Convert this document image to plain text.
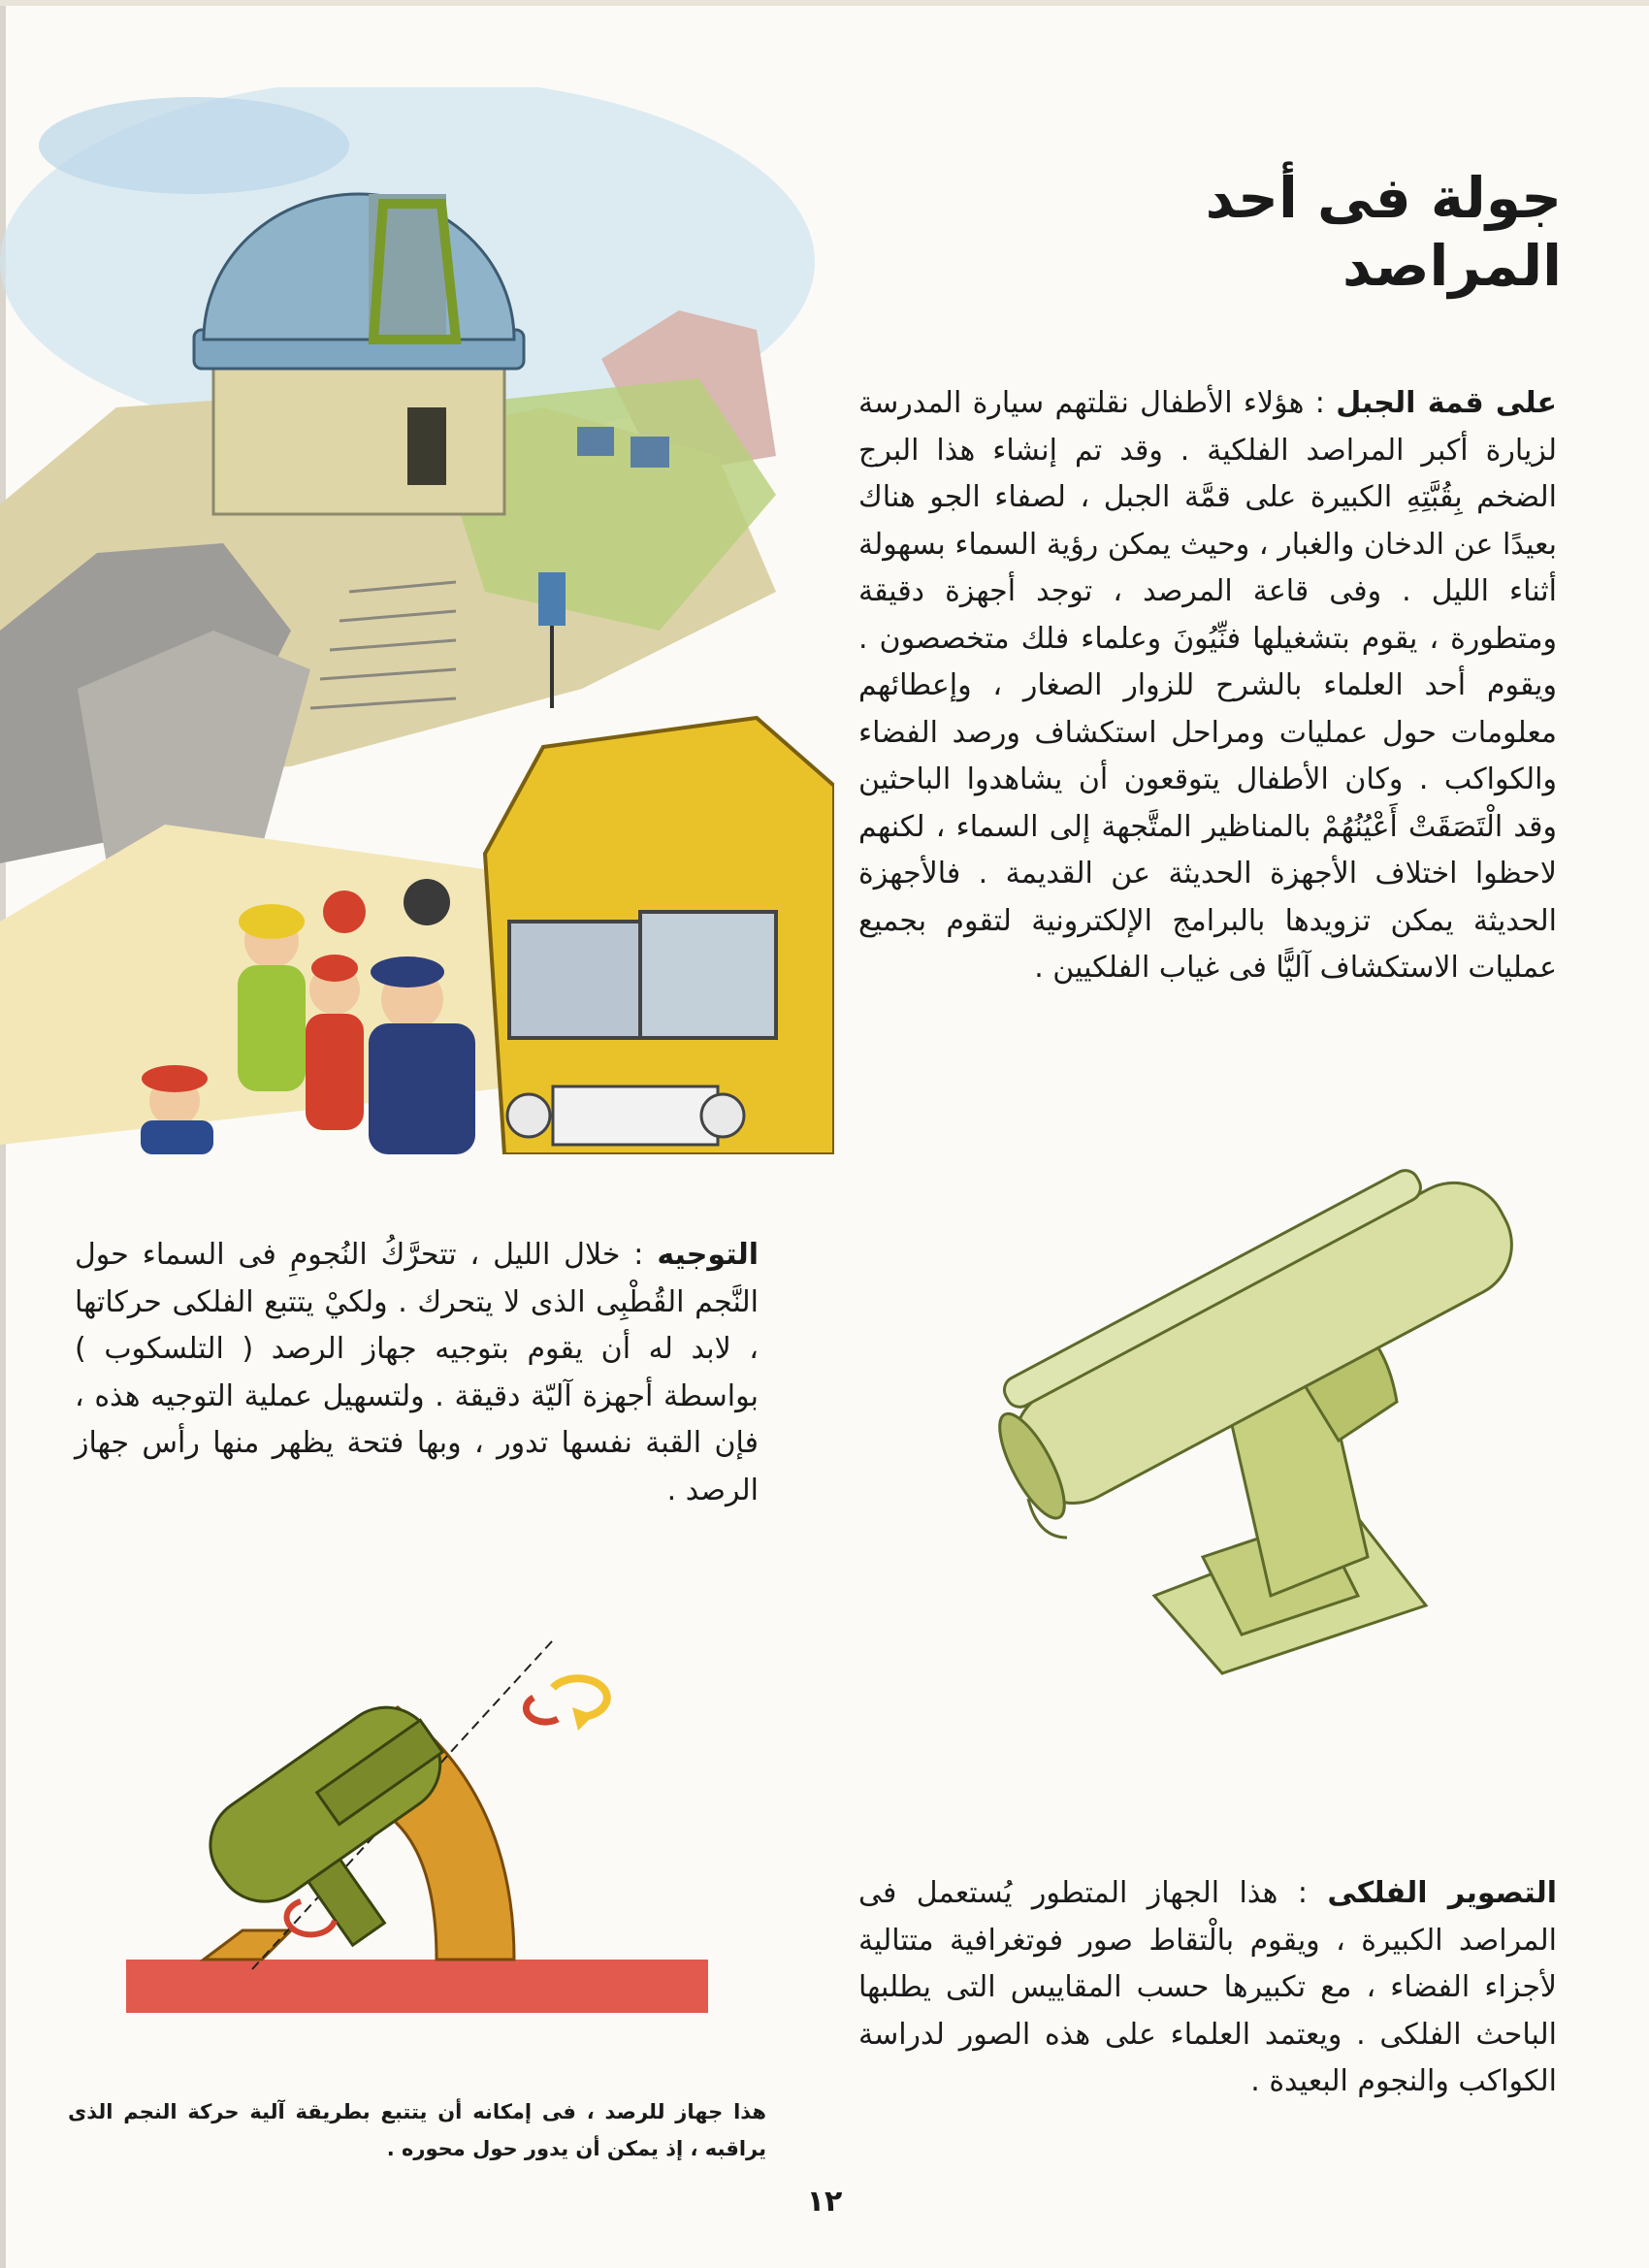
جولة فى أحد المراصد

على قمة الجبل : هؤلاء الأطفال نقلتهم سيارة المدرسة لزيارة أكبر المراصد الفلكية . وقد تم إنشاء هذا البرج الضخم بِقُبَّتِهِ الكبيرة على قمَّة الجبل ، لصفاء الجو هناك بعيدًا عن الدخان والغبار ، وحيث يمكن رؤية السماء بسهولة أثناء الليل . وفى قاعة المرصد ، توجد أجهزة دقيقة ومتطورة ، يقوم بتشغيلها فنِّيُونَ وعلماء فلك متخصصون . ويقوم أحد العلماء بالشرح للزوار الصغار ، وإعطائهم معلومات حول عمليات ومراحل استكشاف ورصد الفضاء والكواكب . وكان الأطفال يتوقعون أن يشاهدوا الباحثين وقد الْتَصَقَتْ أَعْيُنُهُمْ بالمناظير المتَّجهة إلى السماء ، لكنهم لاحظوا اختلاف الأجهزة الحديثة عن القديمة . فالأجهزة الحديثة يمكن تزويدها بالبرامج الإلكترونية لتقوم بجميع عمليات الاستكشاف آليًّا فى غياب الفلكيين .

التوجيه : خلال الليل ، تتحرَّكُ النُجومِ فى السماء حول النَّجم القُطْبِى الذى لا يتحرك . ولكيْ يتتبع الفلكى حركاتها ، لابد له أن يقوم بتوجيه جهاز الرصد ( التلسكوب ) بواسطة أجهزة آليّة دقيقة . ولتسهيل عملية التوجيه هذه ، فإن القبة نفسها تدور ، وبها فتحة يظهر منها رأس جهاز الرصد .

التصوير الفلكى : هذا الجهاز المتطور يُستعمل فى المراصد الكبيرة ، ويقوم بالْتقاط صور فوتغرافية متتالية لأجزاء الفضاء ، مع تكبيرها حسب المقاييس التى يطلبها الباحث الفلكى . ويعتمد العلماء على هذه الصور لدراسة الكواكب والنجوم البعيدة .

هذا جهاز للرصد ، فى إمكانه أن يتتبع بطريقة آلية حركة النجم الذى يراقبه ، إذ يمكن أن يدور حول محوره .

١٢
